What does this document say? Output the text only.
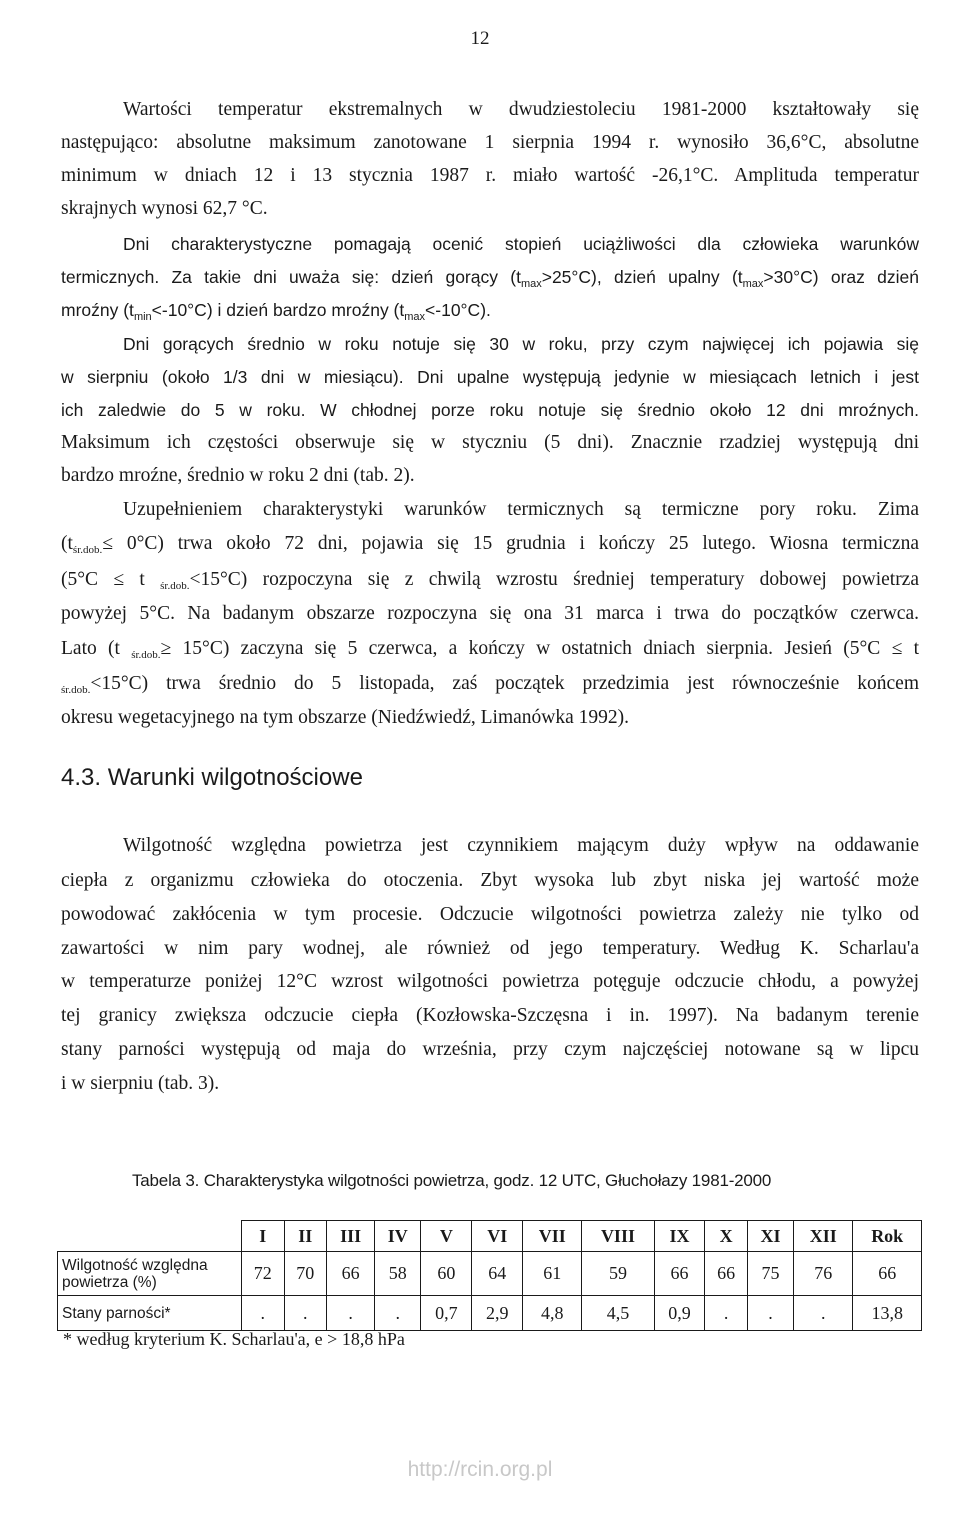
12

Wartości temperatur ekstremalnych w dwudziestoleciu 1981-2000 kształtowały się

następująco: absolutne maksimum zanotowane 1 sierpnia 1994 r. wynosiło 36,6°C, absolutne

minimum w dniach 12 i 13 stycznia 1987 r. miało wartość -26,1°C. Amplituda temperatur

skrajnych wynosi 62,7 °C.

Dni charakterystyczne pomagają ocenić stopień uciążliwości dla człowieka warunków

termicznych. Za takie dni uważa się: dzień gorący $(t_{max}>25^\circ C)$, dzień upalny $(t_{max}>30^\circ C)$ oraz dzień

mroźny $(t_{min}<-10^\circ C)$ i dzień bardzo mroźny $(t_{max}<-10^\circ C)$.

Dni gorących średnio w roku notuje się 30 w roku, przy czym najwięcej ich pojawia się

w sierpniu (około 1/3 dni w miesiącu). Dni upalne występują jedynie w miesiącach letnich i jest

ich zaledwie do 5 w roku. W chłodnej porze roku notuje się średnio około 12 dni mroźnych.

Maksimum ich częstości obserwuje się w styczniu (5 dni). Znacznie rzadziej występują dni

bardzo mroźne, średnio w roku 2 dni (tab. 2).

Uzupełnieniem charakterystyki warunków termicznych są termiczne pory roku. Zima

$(t_{śr.dob.}\le 0^\circ C)$ trwa około 72 dni, pojawia się 15 grudnia i kończy 25 lutego. Wiosna termiczna

(5°C ≤ t $_{śr.dob.}$<15°C) rozpoczyna się z chwilą wzrostu średniej temperatury dobowej powietrza

powyżej 5°C. Na badanym obszarze rozpoczyna się ona 31 marca i trwa do początków czerwca.

Lato (t $_{śr.dob.}$≥ 15°C) zaczyna się 5 czerwca, a kończy w ostatnich dniach sierpnia. Jesień (5°C ≤ t

$_{śr.dob.}$<15°C) trwa średnio do 5 listopada, zaś początek przedzimia jest równocześnie końcem

okresu wegetacyjnego na tym obszarze (Niedźwiedź, Limanówka 1992).

4.3. Warunki wilgotnościowe

Wilgotność względna powietrza jest czynnikiem mającym duży wpływ na oddawanie

ciepła z organizmu człowieka do otoczenia. Zbyt wysoka lub zbyt niska jej wartość może

powodować zakłócenia w tym procesie. Odczucie wilgotności powietrza zależy nie tylko od

zawartości w nim pary wodnej, ale również od jego temperatury. Według K. Scharlau'a

w temperaturze poniżej 12°C wzrost wilgotności powietrza potęguje odczucie chłodu, a powyżej

tej granicy zwiększa odczucie ciepła (Kozłowska-Szczęsna i in. 1997). Na badanym terenie

stany parności występują od maja do września, przy czym najczęściej notowane są w lipcu

i w sierpniu (tab. 3).

Tabela 3. Charakterystyka wilgotności powietrza, godz. 12 UTC, Głuchołazy 1981-2000

	I	II	III	IV	V	VI	VII	VIII	IX	X	XI	XII	Rok
Wilgotność względna powietrza (%)	72	70	66	58	60	64	61	59	66	66	75	76	66
Stany parności*	.	.	.	.	0,7	2,9	4,8	4,5	0,9	.	.	.	13,8

* według kryterium K. Scharlau'a, e > 18,8 hPa

http://rcin.org.pl
